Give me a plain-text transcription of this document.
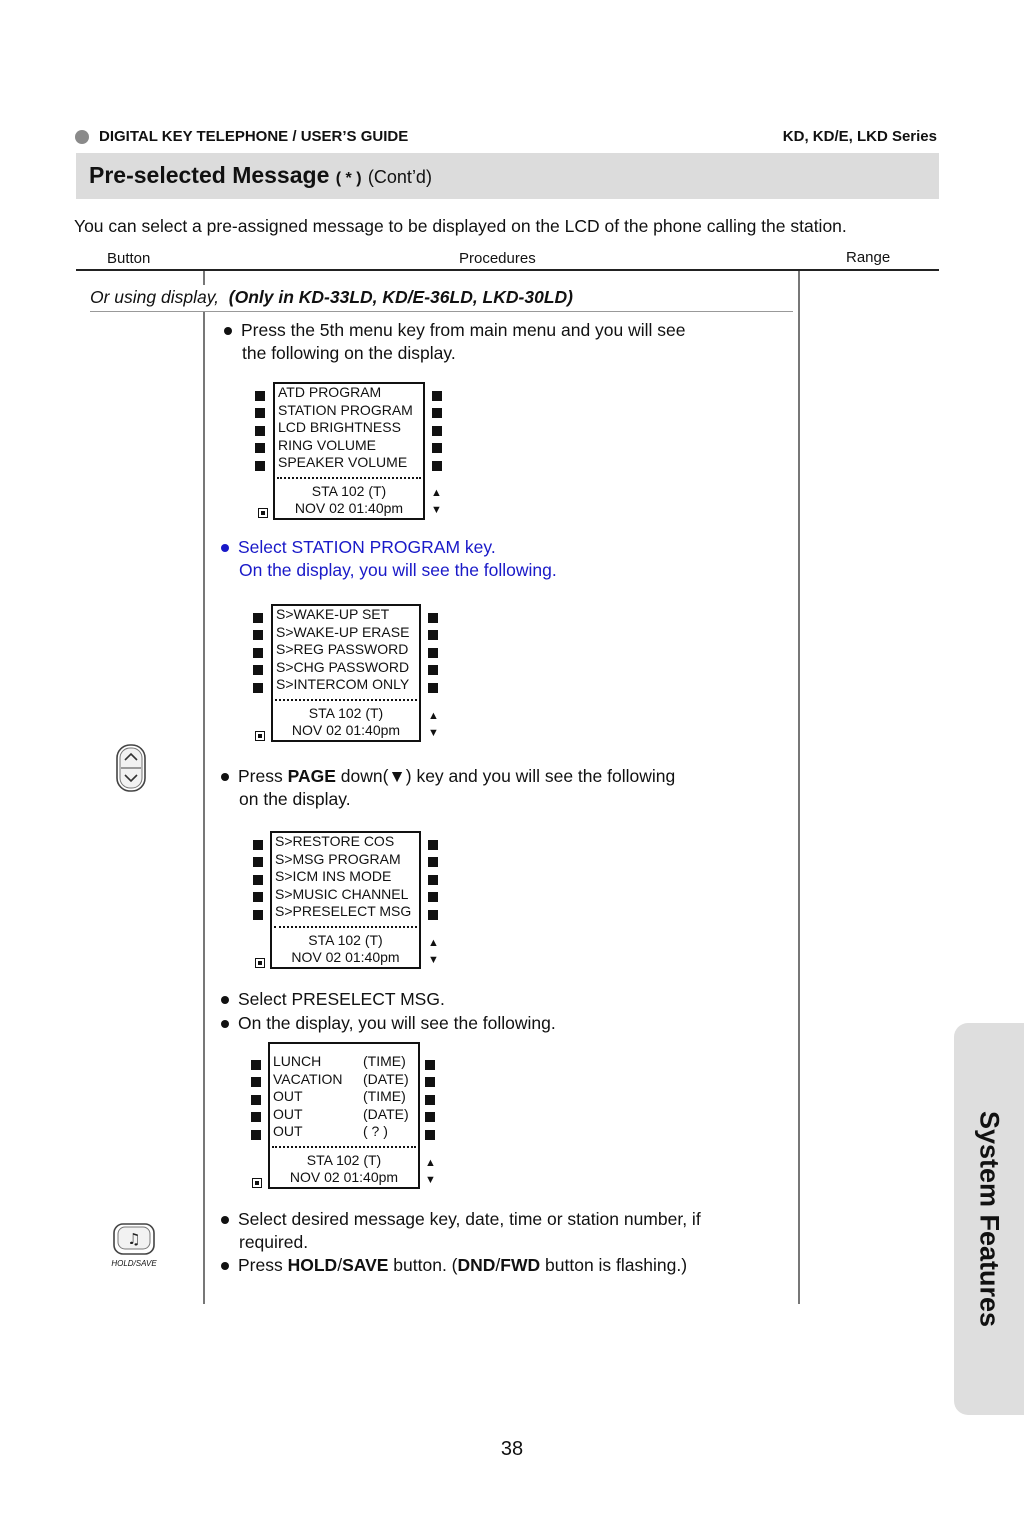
DIGITAL KEY TELEPHONE / USER’S GUIDE	KD, KD/E, LKD Series
Pre-selected Message ( * ) (Cont’d)
You can select a pre-assigned message to be displayed on the LCD of the phone calling the station.
Button	Procedures	Range
Or using display, (Only in KD-33LD, KD/E-36LD, LKD-30LD)
Press the 5th menu key from main menu and you will see
the following on the display.
▲
▼
ATD PROGRAM
STATION PROGRAM
LCD BRIGHTNESS
RING VOLUME
SPEAKER VOLUME
STA 102 (T)
NOV 02 01:40pm
Select STATION PROGRAM key.
On the display, you will see the following.
▲
▼
S>WAKE-UP SET
S>WAKE-UP ERASE
S>REG PASSWORD
S>CHG PASSWORD
S>INTERCOM ONLY
STA 102 (T)
NOV 02 01:40pm
Press PAGE down(▼) key and you will see the following
on the display.
▲
▼
S>RESTORE COS
S>MSG PROGRAM
S>ICM INS MODE
S>MUSIC CHANNEL
S>PRESELECT MSG
STA 102 (T)
NOV 02 01:40pm
Select PRESELECT MSG.
On the display, you will see the following.
▲
▼
LUNCH	(TIME)
VACATION (DATE)
OUT	(TIME)
OUT	(DATE)
OUT	( ? )
STA 102 (T)
NOV 02 01:40pm
♫
HOLD/SAVE
Select desired message key, date, time or station number, if
required.
Press HOLD/SAVE button. (DND/FWD button is flashing.)	System Features
38
